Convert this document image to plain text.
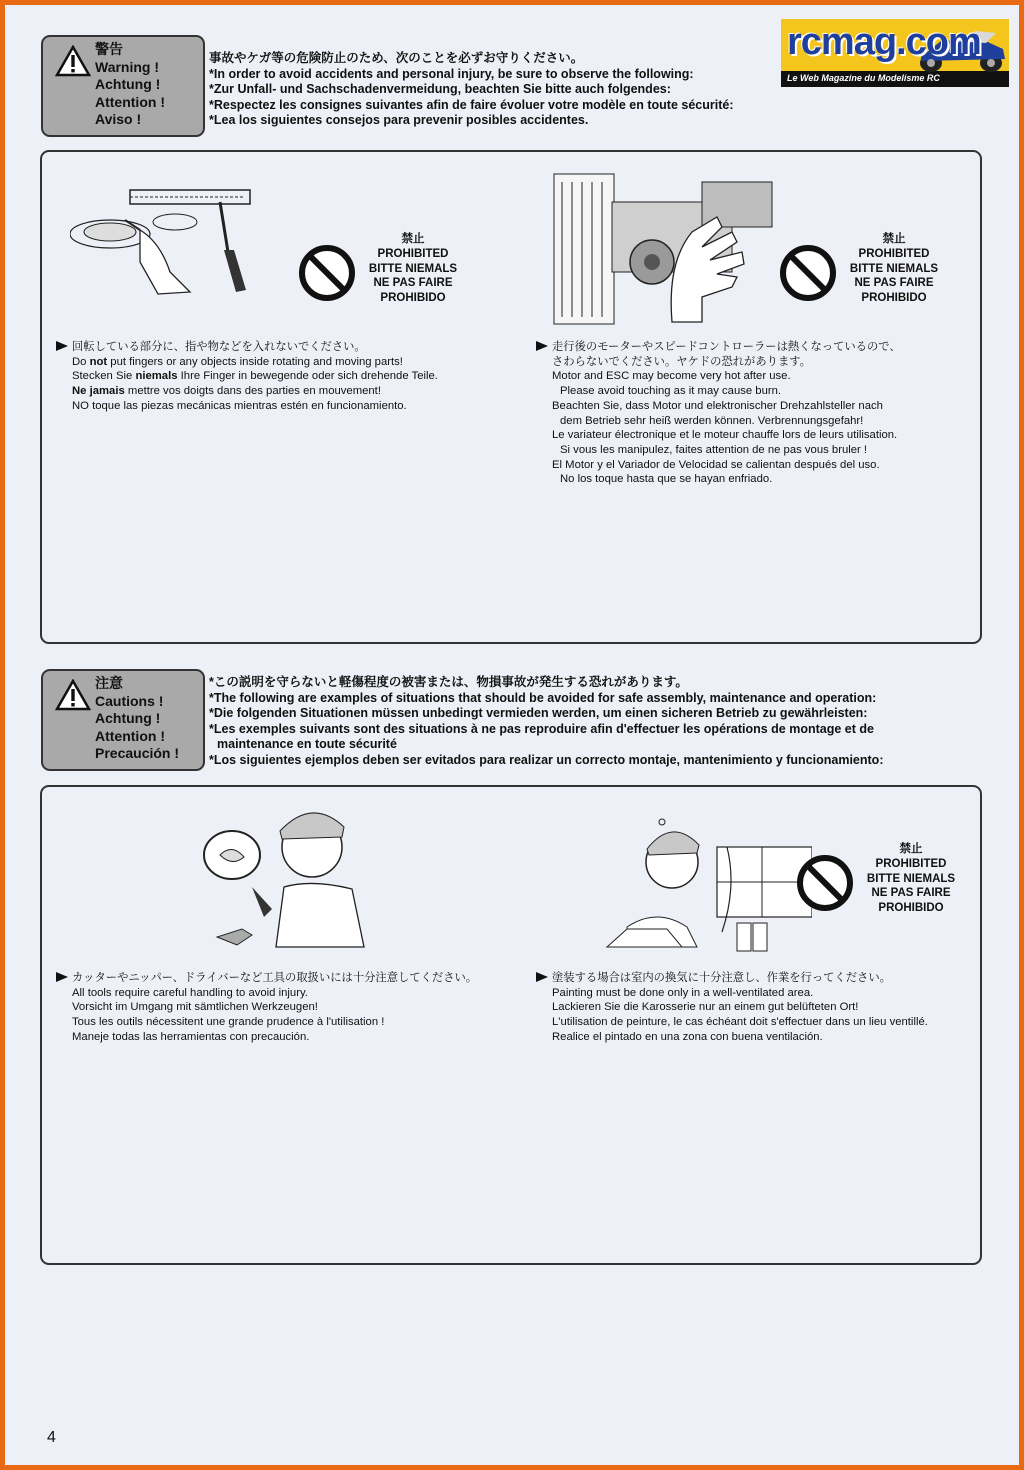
rcmag.com
Le Web Magazine du Modelisme RC
警告
Warning !
Achtung !
Attention !
Aviso !
事故やケガ等の危険防止のため、次のことを必ずお守りください。
*In order to avoid accidents and personal injury, be sure to observe the following:
*Zur Unfall- und Sachschadenvermeidung, beachten Sie bitte auch folgendes:
*Respectez les consignes suivantes afin de faire évoluer votre modèle en toute sécurité:
*Lea los siguientes consejos para prevenir posibles accidentes.
禁止
PROHIBITED
BITTE NIEMALS
NE PAS FAIRE
PROHIBIDO
禁止
PROHIBITED
BITTE NIEMALS
NE PAS FAIRE
PROHIBIDO
回転している部分に、指や物などを入れないでください。
Do not put fingers or any objects inside rotating and moving parts!
Stecken Sie niemals Ihre Finger in bewegende oder sich drehende Teile.
Ne jamais mettre vos doigts dans des parties en mouvement!
NO toque las piezas mecánicas mientras estén en funcionamiento.
走行後のモーターやスピードコントローラーは熱くなっているので、
さわらないでください。ヤケドの恐れがあります。
Motor and ESC may become very hot after use.
Please avoid touching as it may cause burn.
Beachten Sie, dass Motor und elektronischer Drehzahlsteller nach
dem Betrieb sehr heiß werden können. Verbrennungsgefahr!
Le variateur électronique et le moteur chauffe lors de leurs utilisation.
Si vous les manipulez, faites attention de ne pas vous bruler !
El Motor y el Variador de Velocidad se calientan después del uso.
No los toque hasta que se hayan enfriado.
注意
Cautions !
Achtung !
Attention !
Precaución !
*この説明を守らないと軽傷程度の被害または、物損事故が発生する恐れがあります。
*The following are examples of situations that should be avoided for safe assembly, maintenance and operation:
*Die folgenden Situationen müssen unbedingt vermieden werden, um einen sicheren Betrieb zu gewährleisten:
*Les exemples suivants sont des situations à ne pas reproduire afin d'effectuer les opérations de montage et de
maintenance en toute sécurité
*Los siguientes ejemplos deben ser evitados para realizar un correcto montaje, mantenimiento y funcionamiento:
禁止
PROHIBITED
BITTE NIEMALS
NE PAS FAIRE
PROHIBIDO
カッターやニッパー、ドライバーなど工具の取扱いには十分注意してください。
All tools require careful handling to avoid injury.
Vorsicht im Umgang mit sämtlichen Werkzeugen!
Tous les outils nécessitent une grande prudence à l'utilisation !
Maneje todas las herramientas con precaución.
塗装する場合は室内の換気に十分注意し、作業を行ってください。
Painting must be done only in a well-ventilated area.
Lackieren Sie die Karosserie nur an einem gut belüfteten Ort!
L'utilisation de peinture, le cas échéant doit s'effectuer dans un lieu ventillé.
Realice el pintado en una zona con buena ventilación.
4
